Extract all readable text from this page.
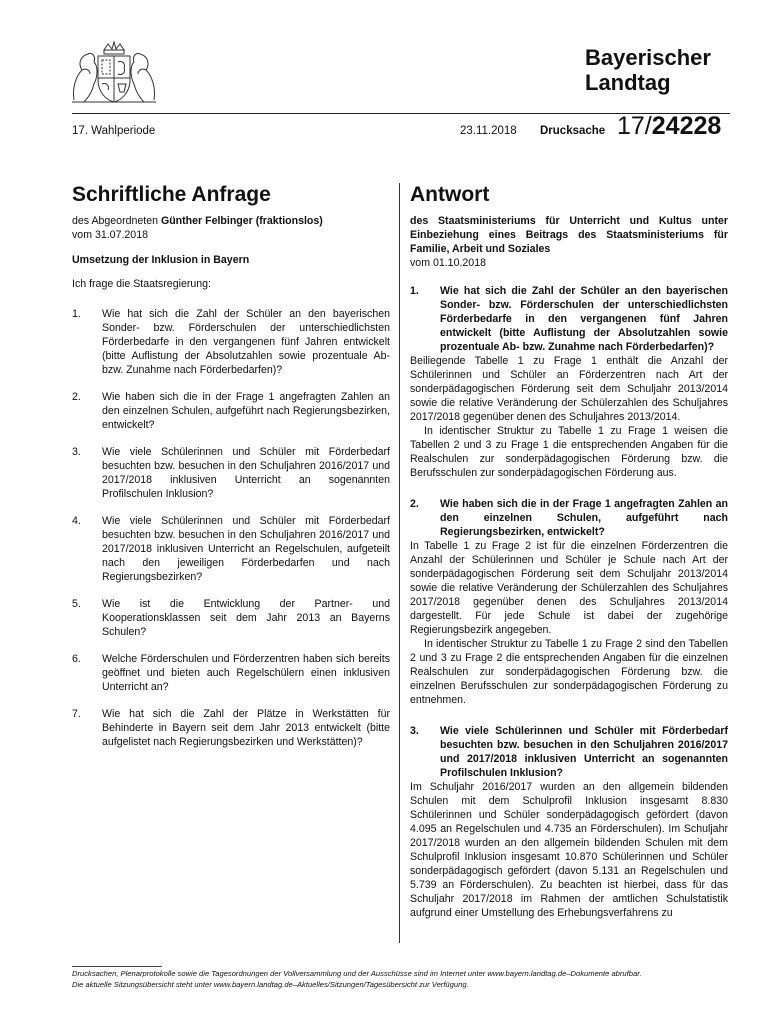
Bayerischer
Landtag
17. Wahlperiode	23.11.2018 Drucksache 17/24228
Schriftliche Anfrage
des Abgeordneten Günther Felbinger (fraktionslos)
vom 31.07.2018
Umsetzung der Inklusion in Bayern
Ich frage die Staatsregierung:
1.	Wie hat sich die Zahl der Schüler an den bayerischen Sonder- bzw. Förderschulen der unterschiedlichsten Förderbedarfe in den vergangenen fünf Jahren entwickelt (bitte Auflistung der Absolutzahlen sowie prozentuale Ab- bzw. Zunahme nach Förderbedarfen)?
2.	Wie haben sich die in der Frage 1 angefragten Zahlen an den einzelnen Schulen, aufgeführt nach Regierungsbezirken, entwickelt?
3.	Wie viele Schülerinnen und Schüler mit Förderbedarf besuchten bzw. besuchen in den Schuljahren 2016/2017 und 2017/2018 inklusiven Unterricht an sogenannten Profilschulen Inklusion?
4.	Wie viele Schülerinnen und Schüler mit Förderbedarf besuchten bzw. besuchen in den Schuljahren 2016/2017 und 2017/2018 inklusiven Unterricht an Regelschulen, aufgeteilt nach den jeweiligen Förderbedarfen und nach Regierungsbezirken?
5.	Wie ist die Entwicklung der Partner- und Kooperationsklassen seit dem Jahr 2013 an Bayerns Schulen?
6.	Welche Förderschulen und Förderzentren haben sich bereits geöffnet und bieten auch Regelschülern einen inklusiven Unterricht an?
7.	Wie hat sich die Zahl der Plätze in Werkstätten für Behinderte in Bayern seit dem Jahr 2013 entwickelt (bitte aufgelistet nach Regierungsbezirken und Werkstätten)?
Antwort
des Staatsministeriums für Unterricht und Kultus unter Einbeziehung eines Beitrags des Staatsministeriums für Familie, Arbeit und Soziales
vom 01.10.2018
1.	Wie hat sich die Zahl der Schüler an den bayerischen Sonder- bzw. Förderschulen der unterschiedlichsten Förderbedarfe in den vergangenen fünf Jahren entwickelt (bitte Auflistung der Absolutzahlen sowie prozentuale Ab- bzw. Zunahme nach Förderbedarfen)?

Beiliegende Tabelle 1 zu Frage 1 enthält die Anzahl der Schülerinnen und Schüler an Förderzentren nach Art der sonderpädagogischen Förderung seit dem Schuljahr 2013/2014 sowie die relative Veränderung der Schülerzahlen des Schuljahres 2017/2018 gegenüber denen des Schuljahres 2013/2014.

In identischer Struktur zu Tabelle 1 zu Frage 1 weisen die Tabellen 2 und 3 zu Frage 1 die entsprechenden Angaben für die Realschulen zur sonderpädagogischen Förderung bzw. die Berufsschulen zur sonderpädagogischen Förderung aus.

2.	Wie haben sich die in der Frage 1 angefragten Zahlen an den einzelnen Schulen, aufgeführt nach Regierungsbezirken, entwickelt?

In Tabelle 1 zu Frage 2 ist für die einzelnen Förderzentren die Anzahl der Schülerinnen und Schüler je Schule nach Art der sonderpädagogischen Förderung seit dem Schuljahr 2013/2014 sowie die relative Veränderung der Schülerzahlen des Schuljahres 2017/2018 gegenüber denen des Schuljahres 2013/2014 dargestellt. Für jede Schule ist dabei der zugehörige Regierungsbezirk angegeben.

In identischer Struktur zu Tabelle 1 zu Frage 2 sind den Tabellen 2 und 3 zu Frage 2 die entsprechenden Angaben für die einzelnen Realschulen zur sonderpädagogischen Förderung bzw. die einzelnen Berufsschulen zur sonderpädagogischen Förderung zu entnehmen.

3.	Wie viele Schülerinnen und Schüler mit Förderbedarf besuchten bzw. besuchen in den Schuljahren 2016/2017 und 2017/2018 inklusiven Unterricht an sogenannten Profilschulen Inklusion?

Im Schuljahr 2016/2017 wurden an den allgemein bildenden Schulen mit dem Schulprofil Inklusion insgesamt 8.830 Schülerinnen und Schüler sonderpädagogisch gefördert (davon 4.095 an Regelschulen und 4.735 an Förderschulen). Im Schuljahr 2017/2018 wurden an den allgemein bildenden Schulen mit dem Schulprofil Inklusion insgesamt 10.870 Schülerinnen und Schüler sonderpädagogisch gefördert (davon 5.131 an Regelschulen und 5.739 an Förderschulen). Zu beachten ist hierbei, dass für das Schuljahr 2017/2018 im Rahmen der amtlichen Schulstatistik aufgrund einer Umstellung des Erhebungsverfahrens zu

Drucksachen, Plenarprotokolle sowie die Tagesordnungen der Vollversammlung und der Ausschüsse sind im Internet unter www.bayern.landtag.de–Dokumente abrufbar.
Die aktuelle Sitzungsübersicht steht unter www.bayern.landtag.de–Aktuelles/Sitzungen/Tagesübersicht zur Verfügung.
